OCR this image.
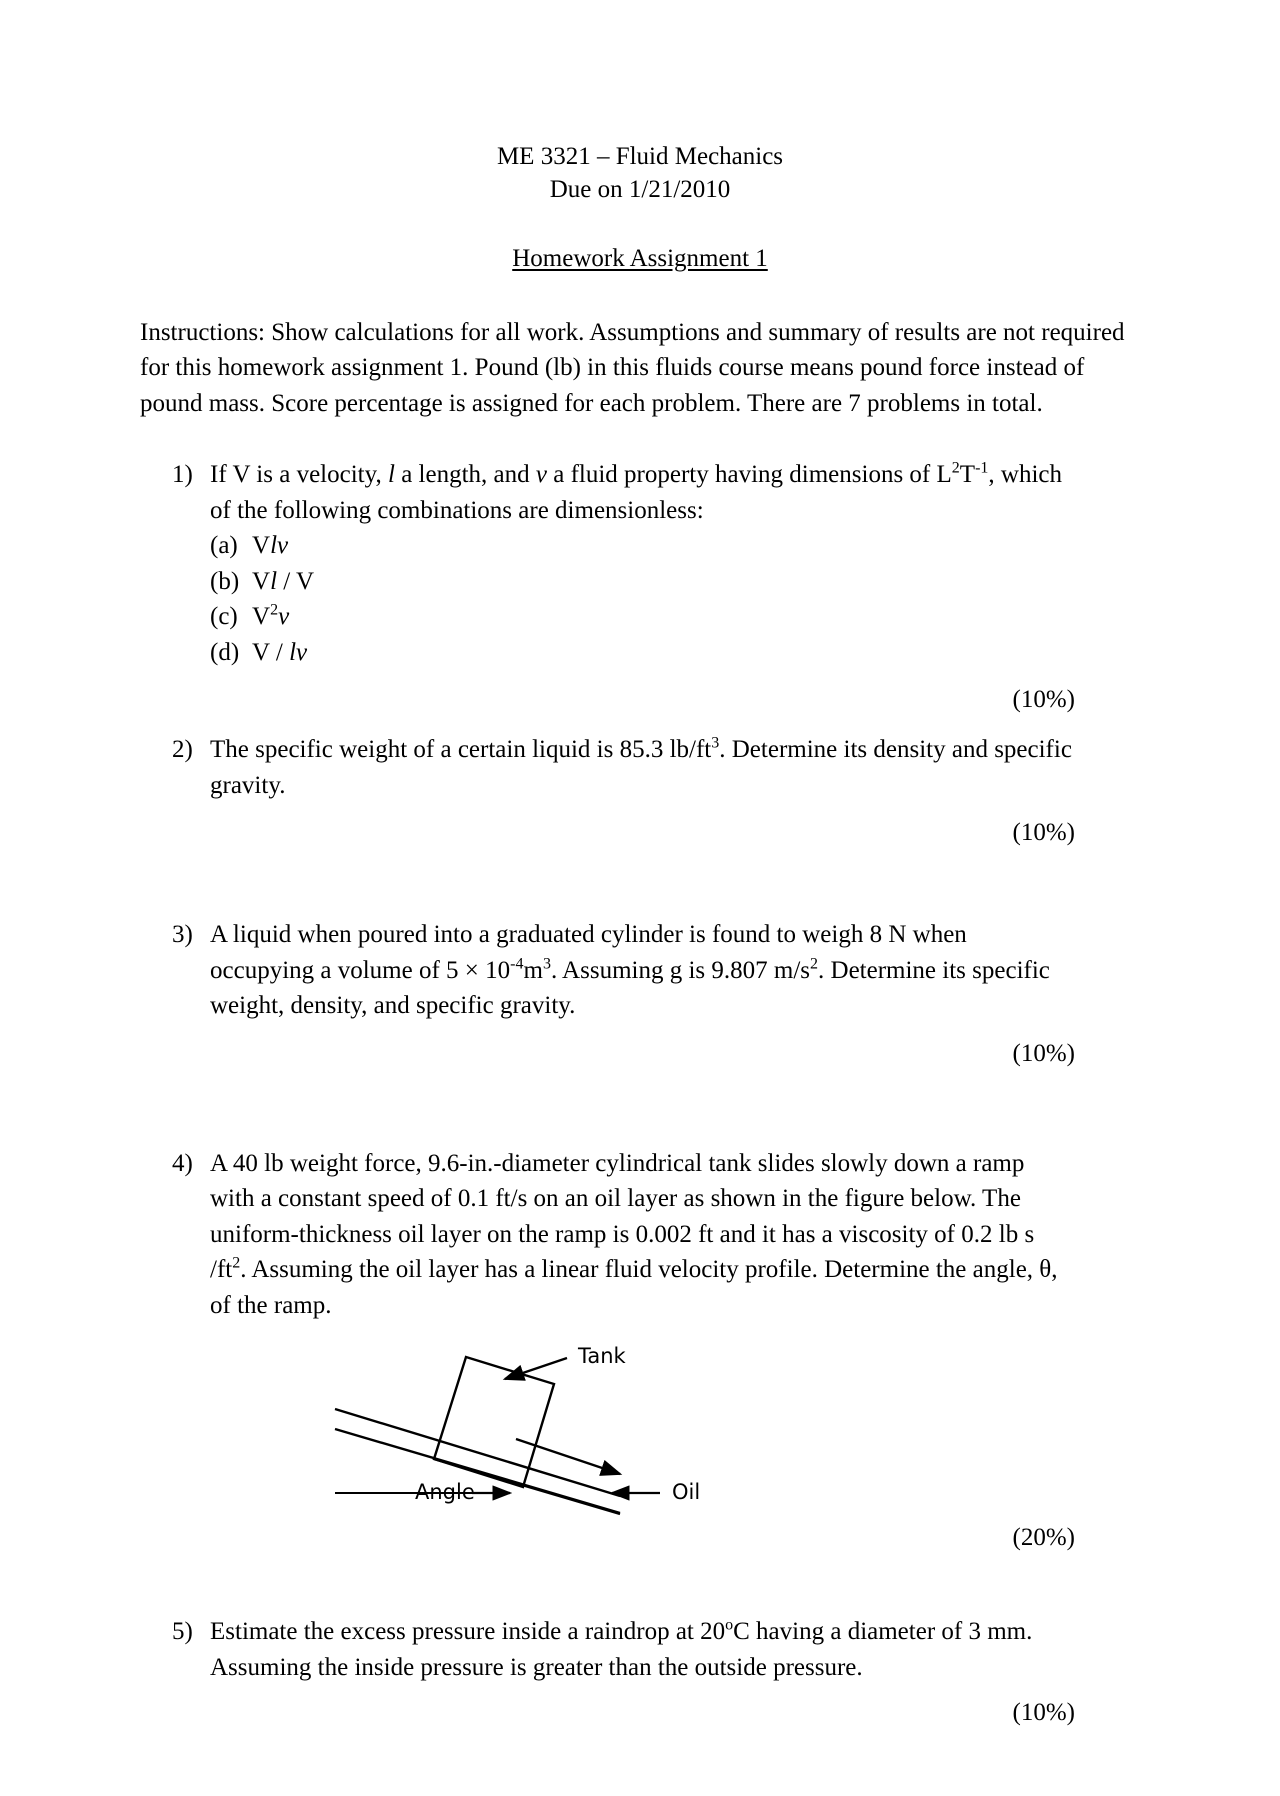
ME 3321 – Fluid Mechanics
Due on 1/21/2010
Homework Assignment 1
Instructions: Show calculations for all work. Assumptions and summary of results are not required for this homework assignment 1. Pound (lb) in this fluids course means pound force instead of pound mass. Score percentage is assigned for each problem. There are 7 problems in total.
1) If V is a velocity, l a length, and v a fluid property having dimensions of $L^2T^{-1}$, which of the following combinations are dimensionless:
(a) Vlv
(b) Vl / V
(c) $V^2v$
(d) V / lv
(10%)
2) The specific weight of a certain liquid is 85.3 $lb/ft^3$. Determine its density and specific gravity.
(10%)
3) A liquid when poured into a graduated cylinder is found to weigh 8 N when occupying a volume of $5 \times 10^{-4}m^3$. Assuming g is 9.807 $m/s^2$. Determine its specific weight, density, and specific gravity.
(10%)
4) A 40 lb weight force, 9.6-in.-diameter cylindrical tank slides slowly down a ramp with a constant speed of 0.1 ft/s on an oil layer as shown in the figure below. The uniform-thickness oil layer on the ramp is 0.002 ft and it has a viscosity of 0.2 lb s $/ft^2$. Assuming the oil layer has a linear fluid velocity profile. Determine the angle, θ, of the ramp.
Tank
Angle	Oil
(20%)
5) Estimate the excess pressure inside a raindrop at 20$^o$C having a diameter of 3 mm. Assuming the inside pressure is greater than the outside pressure.
(10%)
